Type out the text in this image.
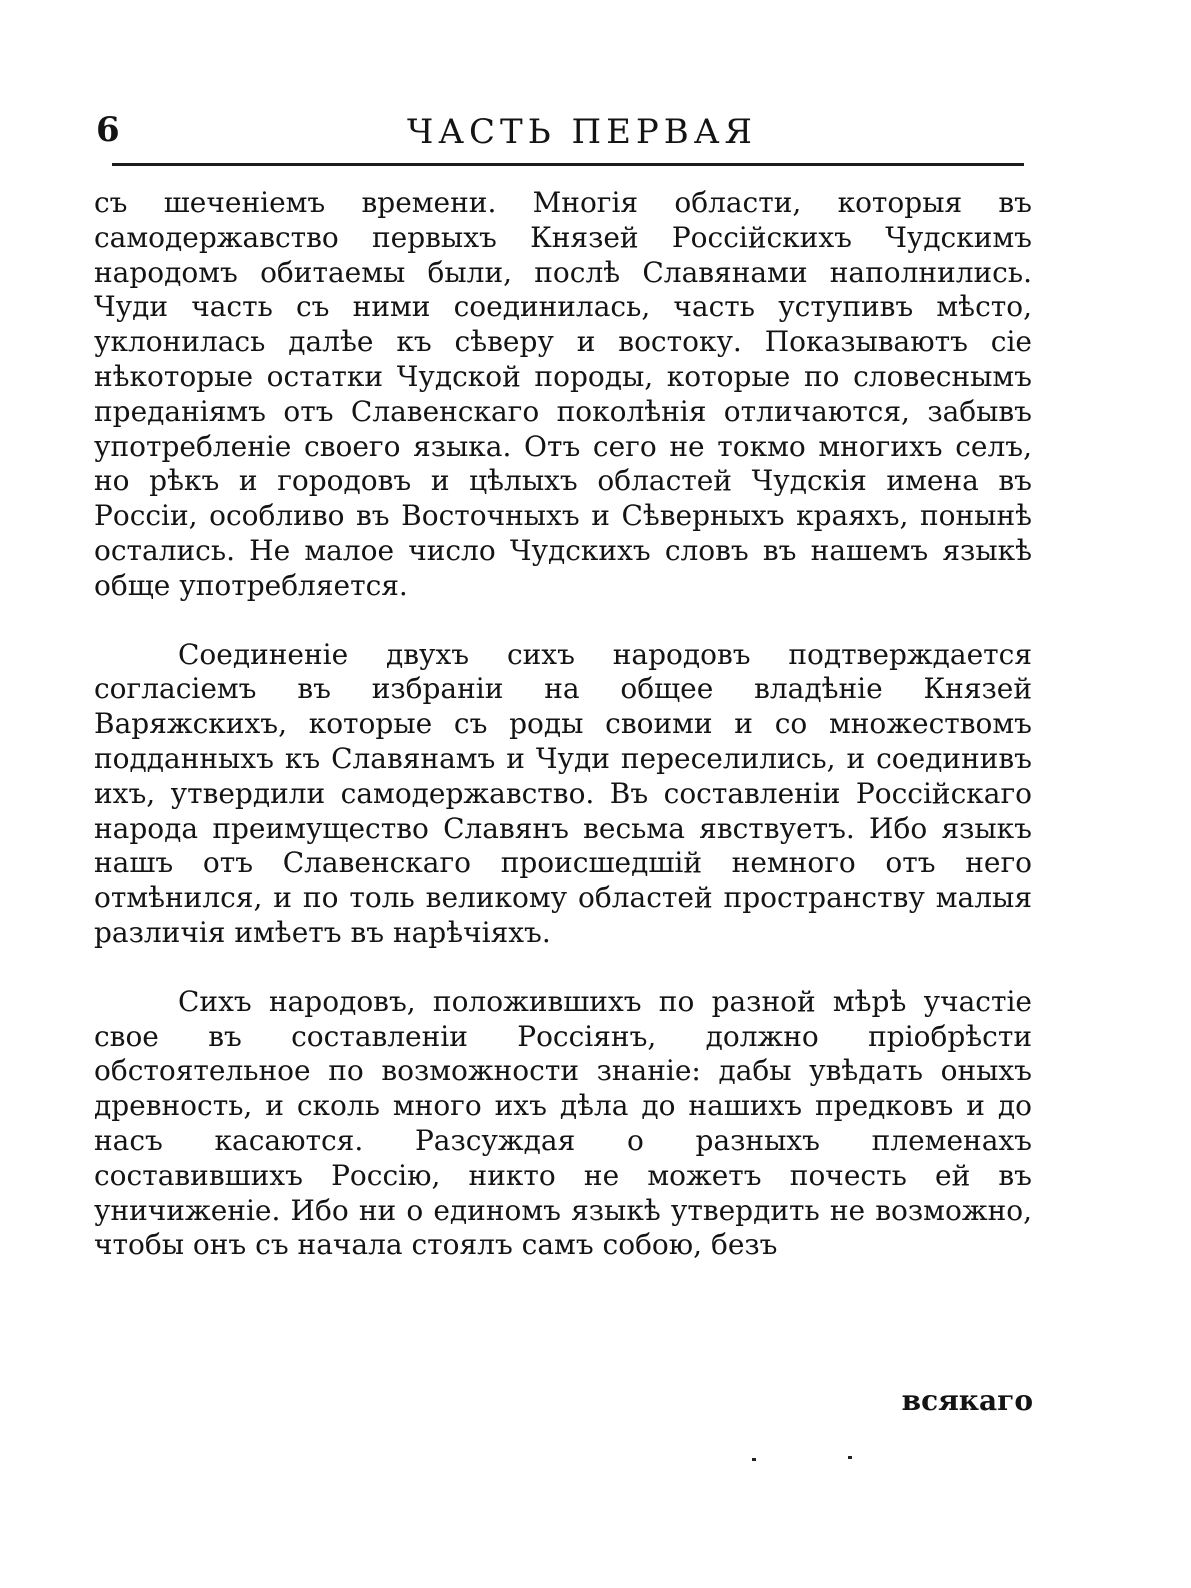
6	ЧАСТЬ ПЕРВАЯ

съ шеченіемъ времени. Многія области, которыя въ самодержавство первыхъ Князей Россійскихъ Чудскимъ народомъ обитаемы были, послѣ Славянами наполнились. Чуди часть съ ними соединилась, часть уступивъ мѣсто, уклонилась далѣе къ сѣверу и востоку. Показываютъ сіе нѣкоторые остатки Чудской породы, которые по словеснымъ преданіямъ отъ Славенскаго поколѣнія отличаются, забывъ употребленіе своего языка. Отъ сего не токмо многихъ селъ, но рѣкъ и городовъ и цѣлыхъ областей Чудскія имена въ Россіи, особливо въ Восточныхъ и Сѣверныхъ краяхъ, понынѣ остались. Не малое число Чудскихъ словъ въ нашемъ языкѣ обще употребляется.

Соединеніе двухъ сихъ народовъ подтверждается согласіемъ въ избраніи на общее владѣніе Князей Варяжскихъ, которые съ роды своими и со множествомъ подданныхъ къ Славянамъ и Чуди переселились, и соединивъ ихъ, утвердили самодержавство. Въ составленіи Россійскаго народа преимущество Славянъ весьма явствуетъ. Ибо языкъ нашъ отъ Славенскаго происшедшій немного отъ него отмѣнился, и по толь великому областей пространству малыя различія имѣетъ въ нарѣчіяхъ.

Сихъ народовъ, положившихъ по разной мѣрѣ участіе свое въ составленіи Россіянъ, должно пріобрѣсти обстоятельное по возможности знаніе: дабы увѣдать оныхъ древность, и сколь много ихъ дѣла до нашихъ предковъ и до насъ касаются. Разсуждая о разныхъ племенахъ составившихъ Россію, никто не можетъ почесть ей въ уничиженіе. Ибо ни о единомъ языкѣ утвердить не возможно, чтобы онъ съ начала стоялъ самъ собою, безъ

всякаго
